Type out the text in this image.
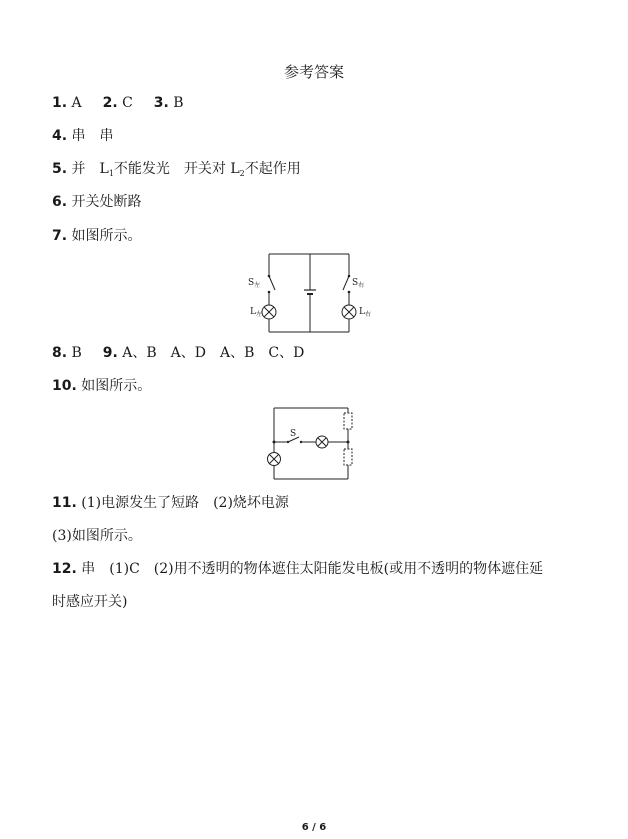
参考答案
1. A 2. C 3. B
4. 串　串
5. 并　$L_1$不能发光　开关对 $L_2$不起作用
6. 开关处断路
7. 如图所示。
$S_左$	$S_右$
$L_左$	$L_右$
8. B 9. A、B　A、D　A、B　C、D
10. 如图所示。
S
11. (1)电源发生了短路　(2)烧坏电源
(3)如图所示。
12. 串　(1)C　(2)用不透明的物体遮住太阳能发电板(或用不透明的物体遮住延
时感应开关)
6 / 6
